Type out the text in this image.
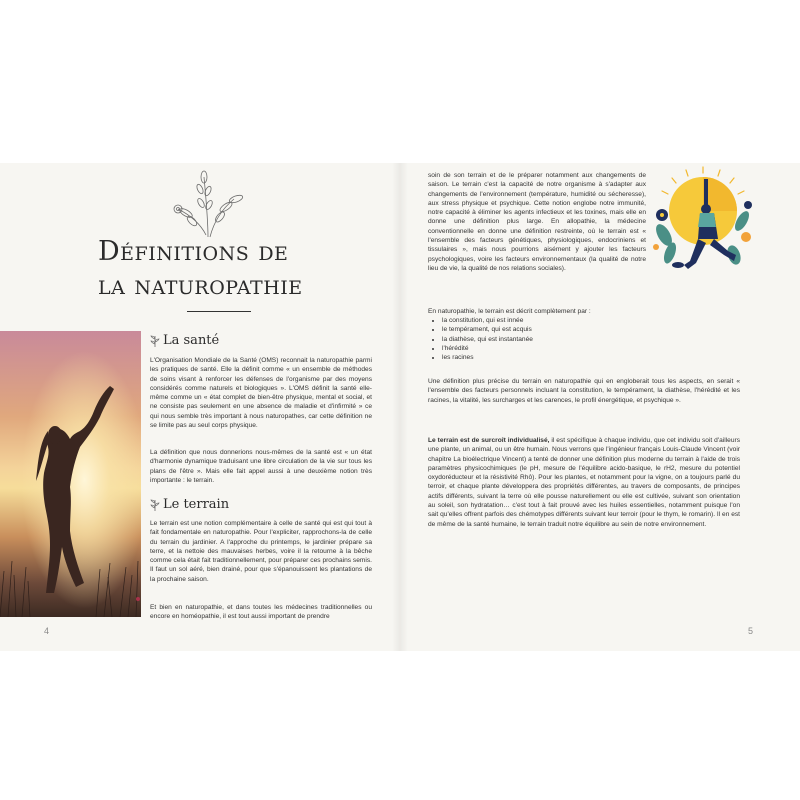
Définitions de
la naturopathie
La santé

L'Organisation Mondiale de la Santé (OMS) reconnait la naturopathie parmi les pratiques de santé. Elle la définit comme « un ensemble de méthodes de soins visant à renforcer les défenses de l'organisme par des moyens considérés comme naturels et biologiques ». L'OMS définit la santé elle-même comme un « état complet de bien-être physique, mental et social, et ne consiste pas seulement en une absence de maladie et d'infirmité » ce qui nous semble très important à nous naturopathes, car cette définition ne se limite pas au seul corps physique.

La définition que nous donnerions nous-mêmes de la santé est « un état d'harmonie dynamique traduisant une libre circulation de la vie sur tous les plans de l'être ». Mais elle fait appel aussi à une deuxième notion très importante : le terrain.

Le terrain

Le terrain est une notion complémentaire à celle de santé qui est qui tout à fait fondamentale en naturopathie. Pour l'expliciter, rapprochons-la de celle du terrain du jardinier. A l'approche du printemps, le jardinier prépare sa terre, et la nettoie des mauvaises herbes, voire il la retourne à la bêche comme cela était fait traditionnellement, pour préparer ces prochains semis. Il faut un sol aéré, bien drainé, pour que s'épanouissent les plantations de la prochaine saison.

Et bien en naturopathie, et dans toutes les médecines traditionnelles ou encore en homéopathie, il est tout aussi important de prendre

4

soin de son terrain et de le préparer notamment aux changements de saison. Le terrain c'est la capacité de notre organisme à s'adapter aux changements de l'environnement (température, humidité ou sécheresse), aux stress physique et psychique. Cette notion englobe notre immunité, notre capacité à éliminer les agents infectieux et les toxines, mais elle en donne une définition plus large. En allopathie, la médecine conventionnelle en donne une définition restreinte, où le terrain est « l'ensemble des facteurs génétiques, physiologiques, endocriniens et tissulaires », mais nous pourrions aisément y ajouter les facteurs psychologiques, voire les facteurs environnementaux (la qualité de notre lieu de vie, la qualité de nos relations sociales).

En naturopathie, le terrain est décrit complètement par :

• la constitution, qui est innée
• le tempérament, qui est acquis
• la diathèse, qui est instantanée
• l'hérédité
• les racines

Une définition plus précise du terrain en naturopathie qui en engloberait tous les aspects, en serait « l'ensemble des facteurs personnels incluant la constitution, le tempérament, la diathèse, l'hérédité et les racines, la vitalité, les surcharges et les carences, le profil énergétique, et psychique ».

Le terrain est de surcroît individualisé, il est spécifique à chaque individu, que cet individu soit d'ailleurs une plante, un animal, ou un être humain. Nous verrons que l'ingénieur français Louis-Claude Vincent (voir chapitre La bioélectrique Vincent) a tenté de donner une définition plus moderne du terrain à l'aide de trois paramètres physicochimiques (le pH, mesure de l'équilibre acido-basique, le rH2, mesure du potentiel oxydoréducteur et la résistivité Rhô). Pour les plantes, et notamment pour la vigne, on a toujours parlé du terroir, et chaque plante développera des propriétés différentes, au travers de composants, de principes actifs différents, suivant la terre où elle pousse naturellement ou elle est cultivée, suivant son orientation au soleil, son hydratation… c'est tout à fait prouvé avec les huiles essentielles, notamment puisque l'on sait qu'elles offrent parfois des chémotypes différents suivant leur terroir (pour le thym, le romarin). Il en est de même de la santé humaine, le terrain traduit notre équilibre au sein de notre environnement.

5
